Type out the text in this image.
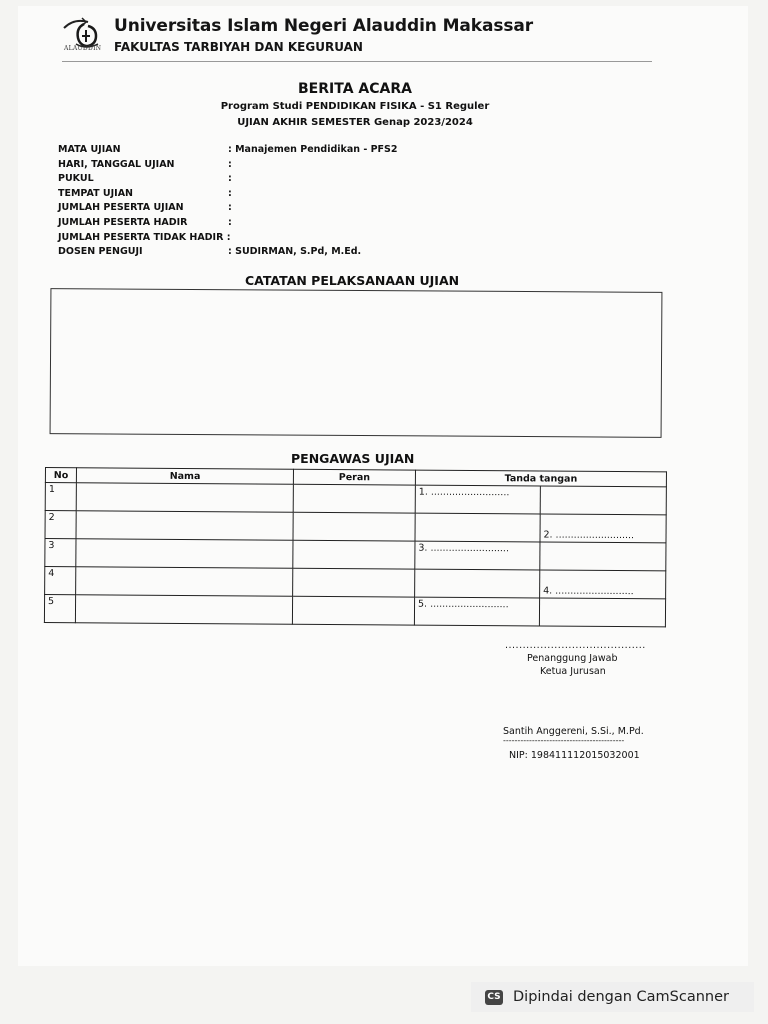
ALAUDDIN
Universitas Islam Negeri Alauddin Makassar
FAKULTAS TARBIYAH DAN KEGURUAN
BERITA ACARA
Program Studi PENDIDIKAN FISIKA - S1 Reguler
UJIAN AKHIR SEMESTER Genap 2023/2024
MATA UJIAN	: Manajemen Pendidikan - PFS2
HARI, TANGGAL UJIAN	:
PUKUL	:
TEMPAT UJIAN	:
JUMLAH PESERTA UJIAN	:
JUMLAH PESERTA HADIR	:
JUMLAH PESERTA TIDAK HADIR :
DOSEN PENGUJI	: SUDIRMAN, S.Pd, M.Ed.
CATATAN PELAKSANAAN UJIAN
PENGAWAS UJIAN
No	Nama	Peran	Tanda tangan	
1			1. ..........................	
2				2. ..........................
3			3. ..........................	
4				4. ..........................
5			5. ..........................	
........................................
Penanggung Jawab
Ketua Jurusan
Santih Anggereni, S.Si., M.Pd.
------------------------------------------
NIP: 198411112015032001
CS Dipindai dengan CamScanner
